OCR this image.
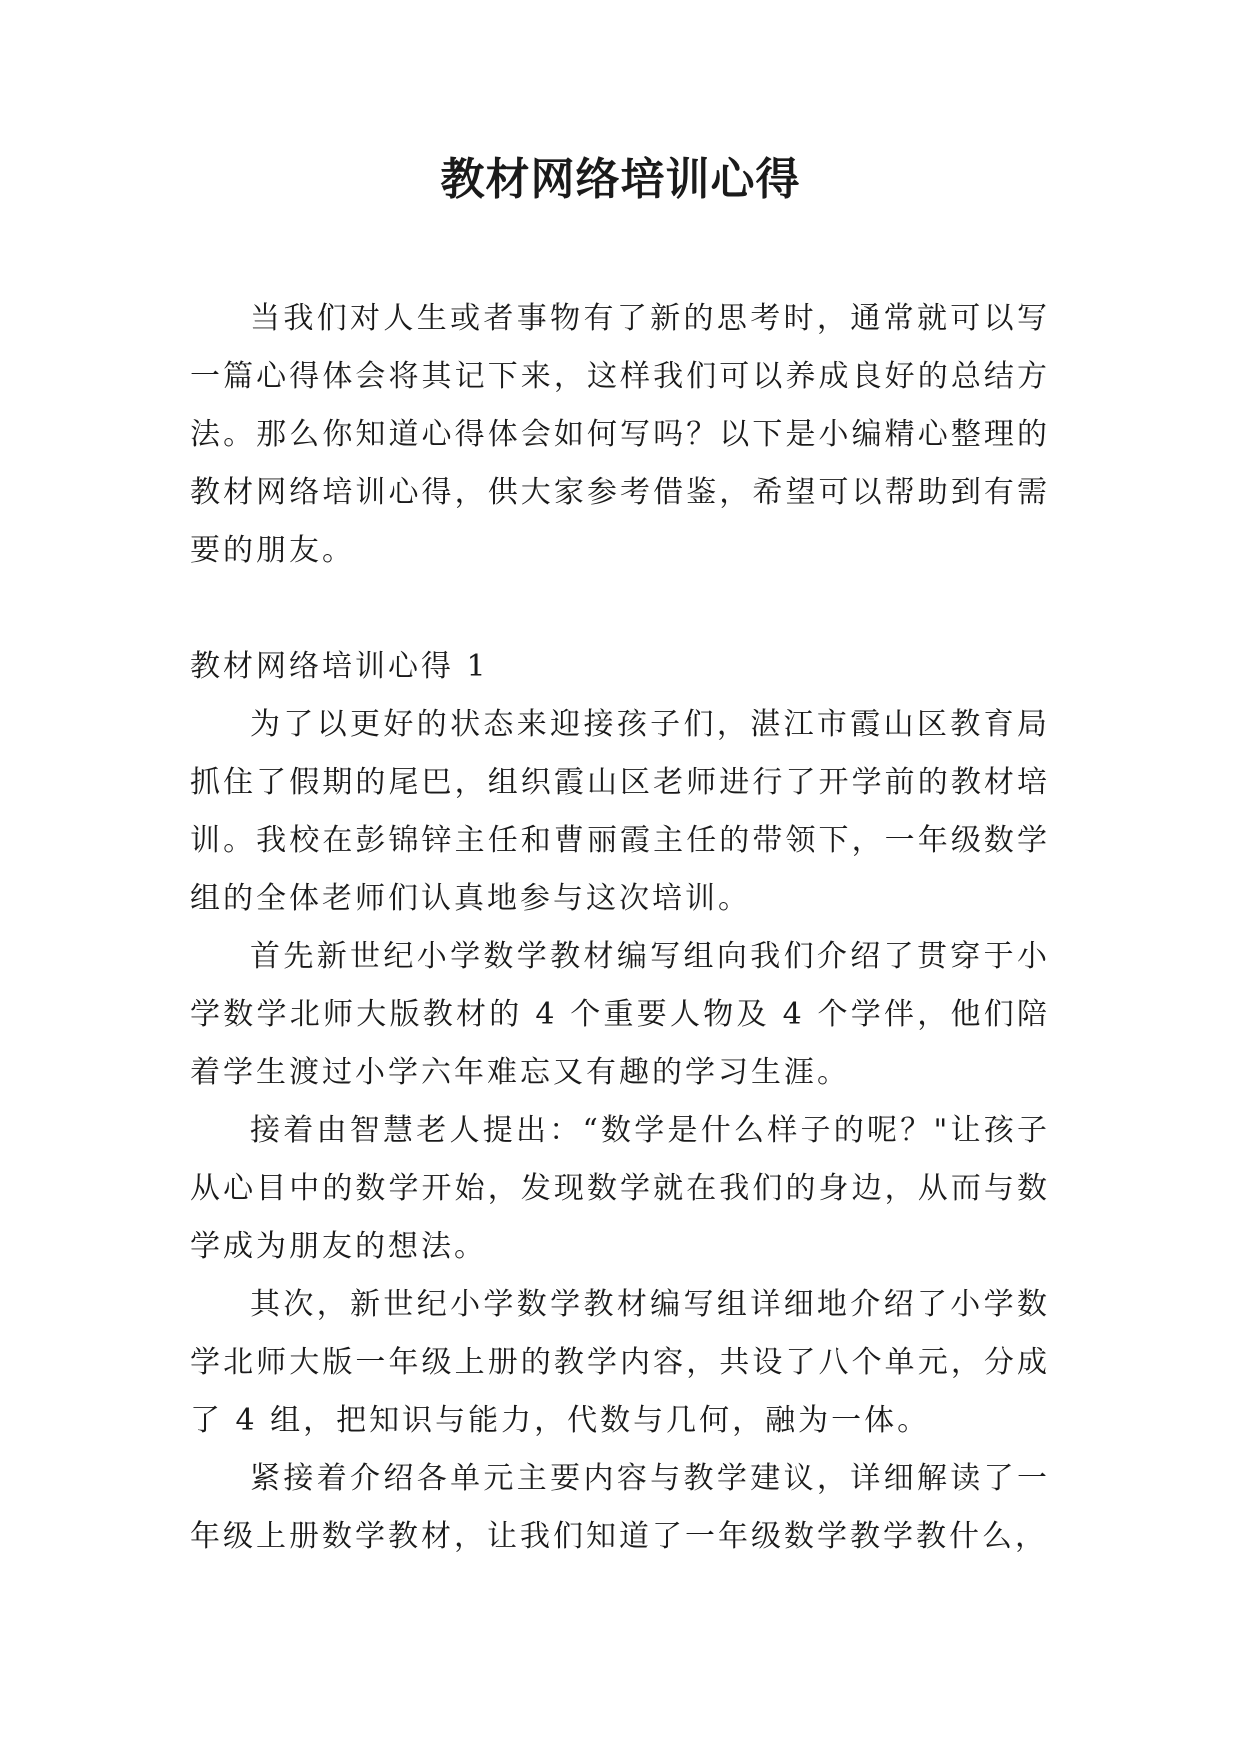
教材网络培训心得

当我们对人生或者事物有了新的思考时，通常就可以写一篇心得体会将其记下来，这样我们可以养成良好的总结方法。那么你知道心得体会如何写吗？以下是小编精心整理的教材网络培训心得，供大家参考借鉴，希望可以帮助到有需要的朋友。

教材网络培训心得 1

为了以更好的状态来迎接孩子们，湛江市霞山区教育局抓住了假期的尾巴，组织霞山区老师进行了开学前的教材培训。我校在彭锦锌主任和曹丽霞主任的带领下，一年级数学组的全体老师们认真地参与这次培训。

首先新世纪小学数学教材编写组向我们介绍了贯穿于小学数学北师大版教材的 4 个重要人物及 4 个学伴，他们陪着学生渡过小学六年难忘又有趣的学习生涯。

接着由智慧老人提出：“数学是什么样子的呢？"让孩子从心目中的数学开始，发现数学就在我们的身边，从而与数学成为朋友的想法。

其次，新世纪小学数学教材编写组详细地介绍了小学数学北师大版一年级上册的教学内容，共设了八个单元，分成了 4 组，把知识与能力，代数与几何，融为一体。

紧接着介绍各单元主要内容与教学建议，详细解读了一年级上册数学教材，让我们知道了一年级数学教学教什么，
